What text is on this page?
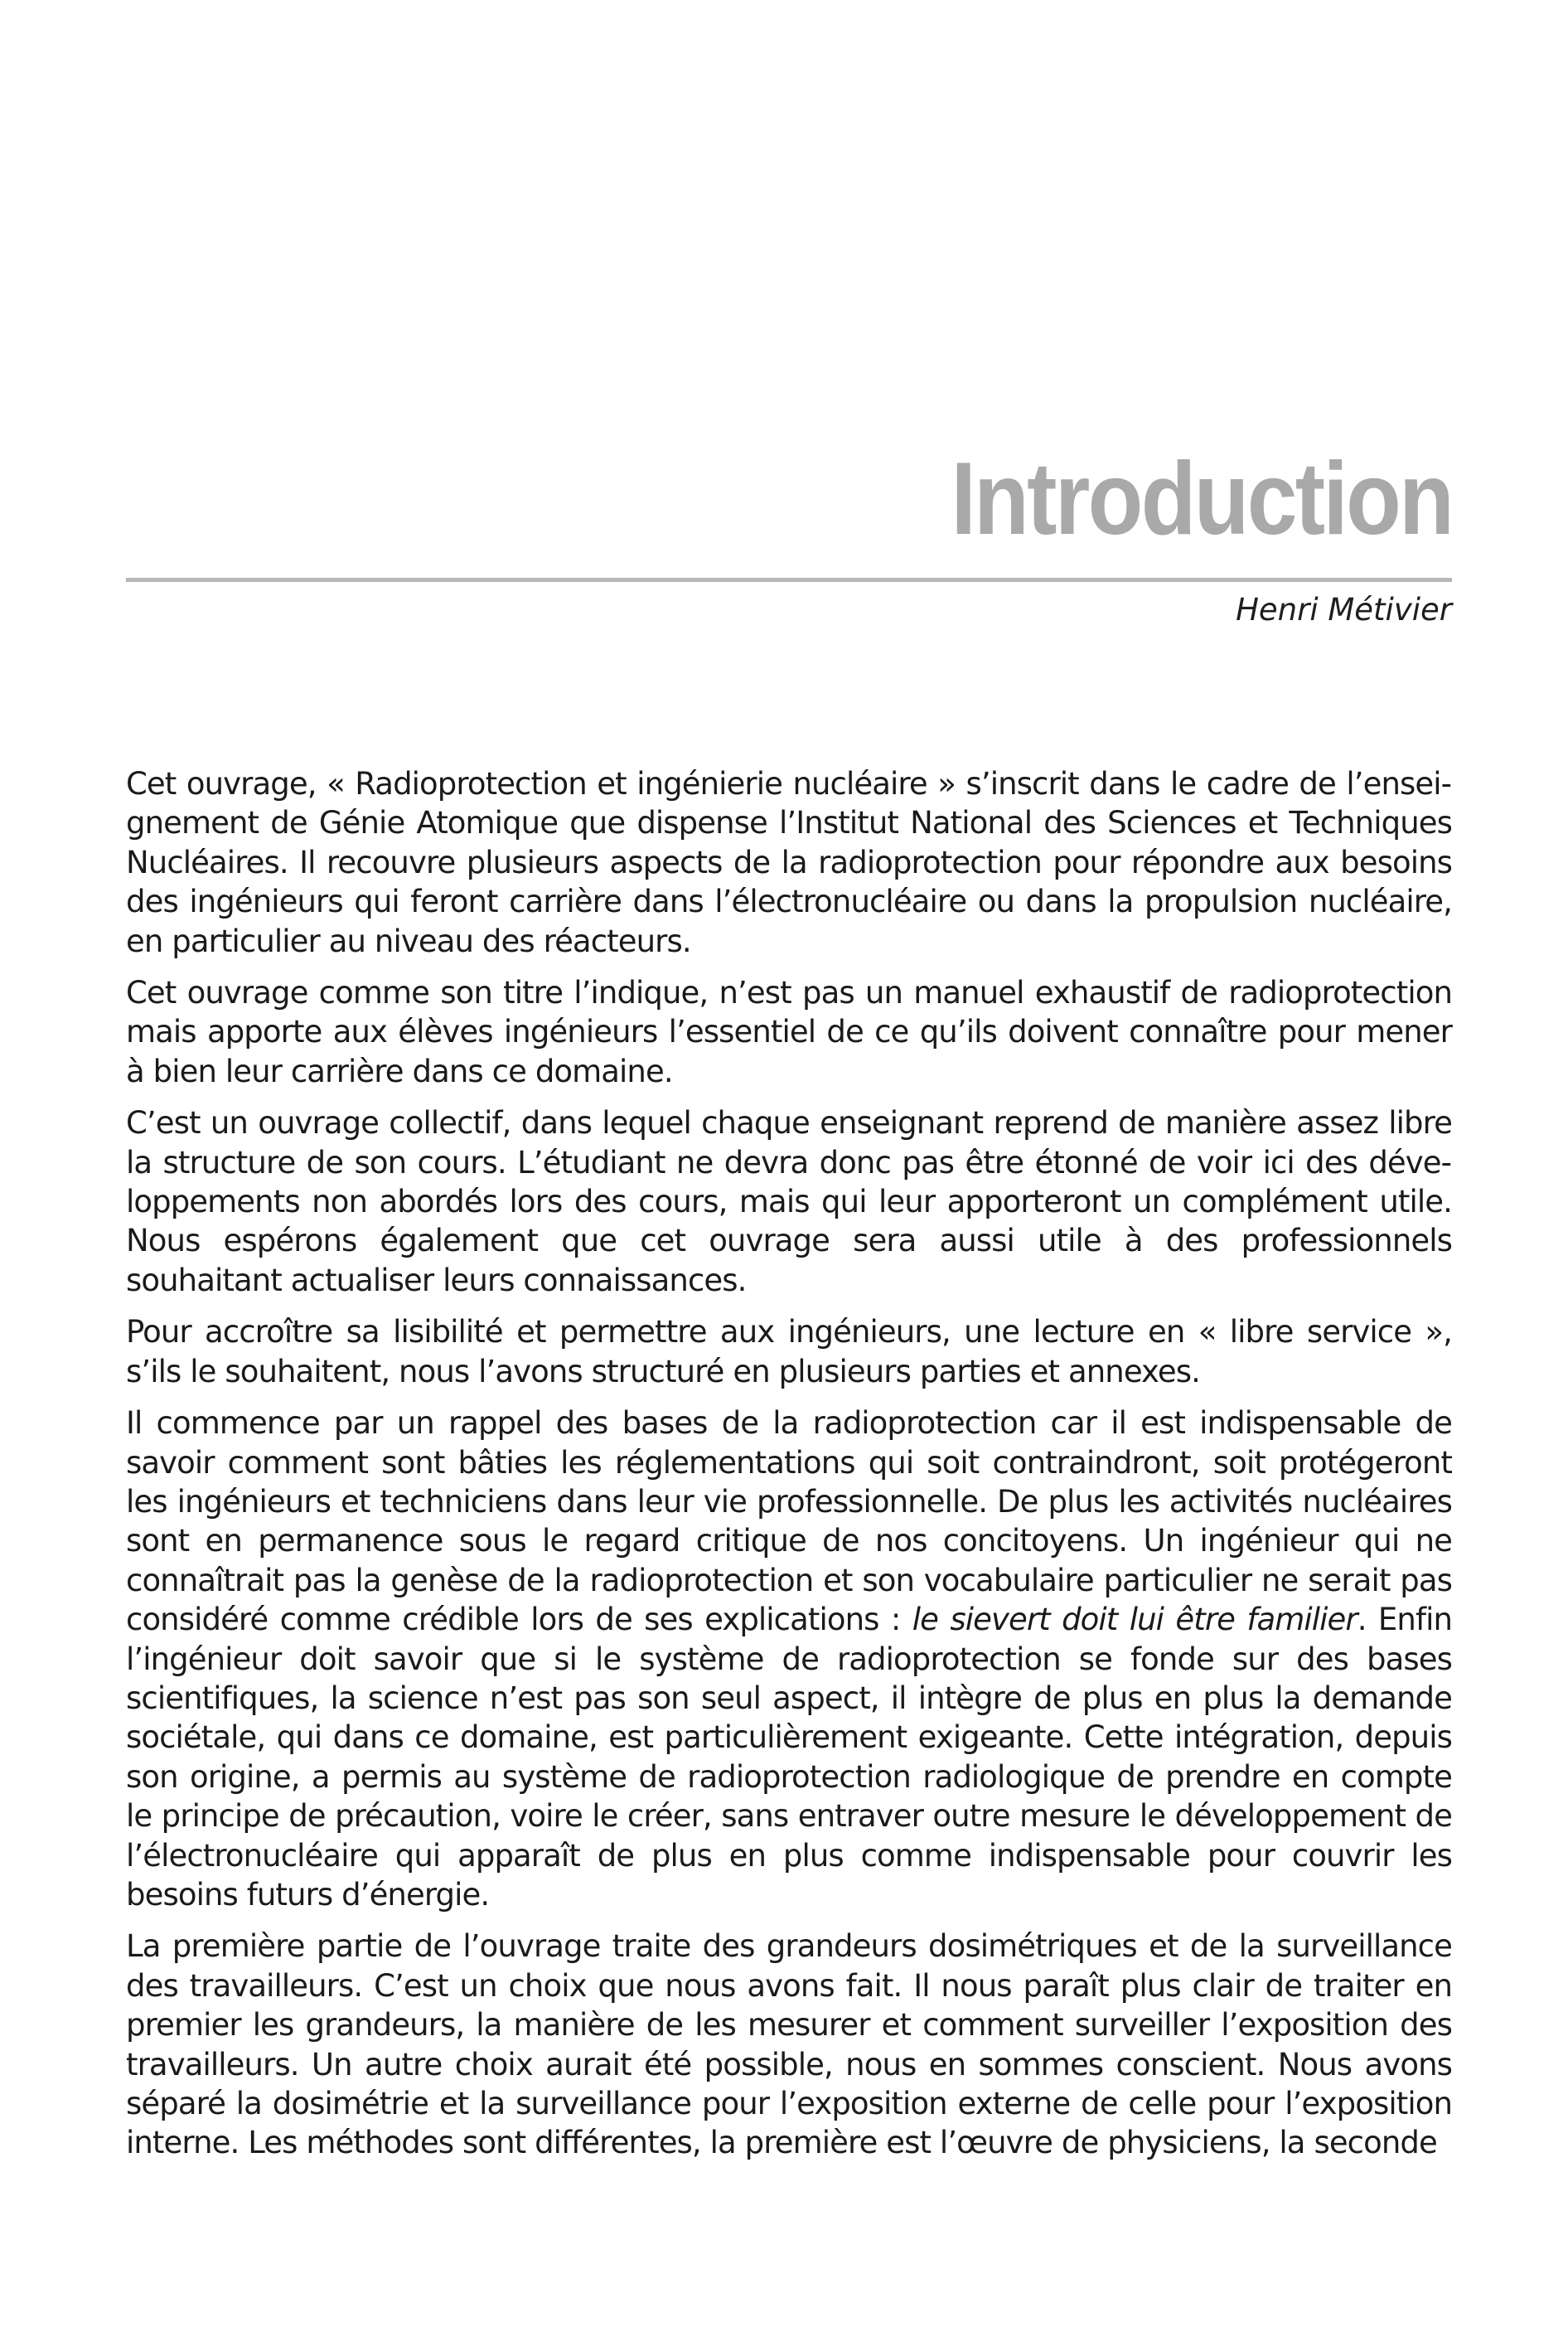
Introduction
Henri Métivier

Cet ouvrage, « Radioprotection et ingénierie nucléaire » s’inscrit dans le cadre de l’enseignement de Génie Atomique que dispense l’Institut National des Sciences et Techniques Nucléaires. Il recouvre plusieurs aspects de la radioprotection pour répondre aux besoins des ingénieurs qui feront carrière dans l’électronucléaire ou dans la propulsion nucléaire, en particulier au niveau des réacteurs.

Cet ouvrage comme son titre l’indique, n’est pas un manuel exhaustif de radioprotection mais apporte aux élèves ingénieurs l’essentiel de ce qu’ils doivent connaître pour mener à bien leur carrière dans ce domaine.

C’est un ouvrage collectif, dans lequel chaque enseignant reprend de manière assez libre la structure de son cours. L’étudiant ne devra donc pas être étonné de voir ici des développements non abordés lors des cours, mais qui leur apporteront un complément utile. Nous espérons également que cet ouvrage sera aussi utile à des professionnels souhaitant actualiser leurs connaissances.

Pour accroître sa lisibilité et permettre aux ingénieurs, une lecture en « libre service », s’ils le souhaitent, nous l’avons structuré en plusieurs parties et annexes.

Il commence par un rappel des bases de la radioprotection car il est indispensable de savoir comment sont bâties les réglementations qui soit contraindront, soit protégeront les ingénieurs et techniciens dans leur vie professionnelle. De plus les activités nucléaires sont en permanence sous le regard critique de nos concitoyens. Un ingénieur qui ne connaîtrait pas la genèse de la radioprotection et son vocabulaire particulier ne serait pas considéré comme crédible lors de ses explications : le sievert doit lui être familier. Enfin l’ingénieur doit savoir que si le système de radioprotection se fonde sur des bases scientifiques, la science n’est pas son seul aspect, il intègre de plus en plus la demande sociétale, qui dans ce domaine, est particulièrement exigeante. Cette intégration, depuis son origine, a permis au système de radioprotection radiologique de prendre en compte le principe de précaution, voire le créer, sans entraver outre mesure le développement de l’électronucléaire qui apparaît de plus en plus comme indispensable pour couvrir les besoins futurs d’énergie.

La première partie de l’ouvrage traite des grandeurs dosimétriques et de la surveillance des travailleurs. C’est un choix que nous avons fait. Il nous paraît plus clair de traiter en premier les grandeurs, la manière de les mesurer et comment surveiller l’exposition des travailleurs. Un autre choix aurait été possible, nous en sommes conscient. Nous avons séparé la dosimétrie et la surveillance pour l’exposition externe de celle pour l’exposition interne. Les méthodes sont différentes, la première est l’œuvre de physiciens, la seconde
